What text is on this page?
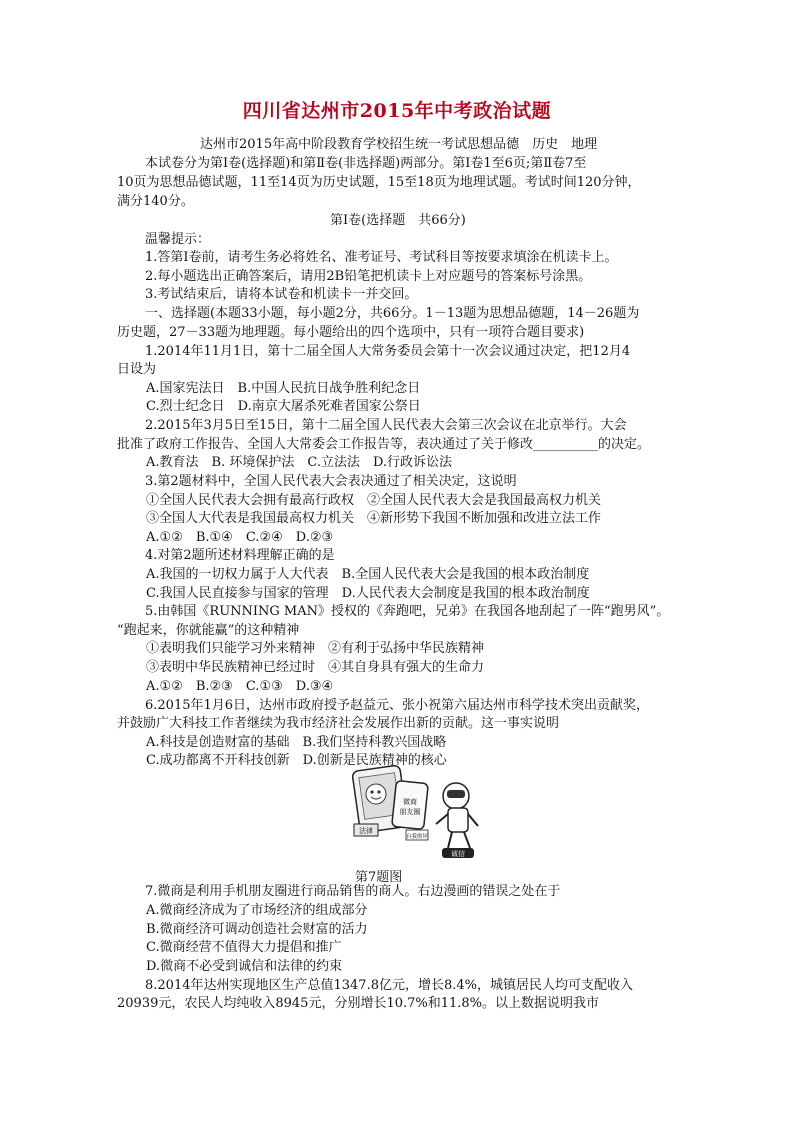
四川省达州市2015年中考政治试题
达州市2015年高中阶段教育学校招生统一考试思想品德　历史　地理
本试卷分为第Ⅰ卷(选择题)和第Ⅱ卷(非选择题)两部分。第Ⅰ卷1至6页;第Ⅱ卷7至
10页为思想品德试题，11至14页为历史试题，15至18页为地理试题。考试时间120分钟，
满分140分。
第Ⅰ卷(选择题　共66分)
温馨提示：
1.答第Ⅰ卷前，请考生务必将姓名、准考证号、考试科目等按要求填涂在机读卡上。
2.每小题选出正确答案后，请用2B铅笔把机读卡上对应题号的答案标号涂黑。
3.考试结束后，请将本试卷和机读卡一并交回。
一、选择题(本题33小题，每小题2分，共66分。1－13题为思想品德题，14－26题为
历史题，27－33题为地理题。每小题给出的四个选项中，只有一项符合题目要求)
1.2014年11月1日，第十二届全国人大常务委员会第十一次会议通过决定，把12月4
日设为
A.国家宪法日　B.中国人民抗日战争胜利纪念日
C.烈士纪念日　D.南京大屠杀死难者国家公祭日
2.2015年3月5日至15日，第十二届全国人民代表大会第三次会议在北京举行。大会
批准了政府工作报告、全国人大常委会工作报告等，表决通过了关于修改__________的决定。
A.教育法　B. 环境保护法　C.立法法　D.行政诉讼法
3.第2题材料中，全国人民代表大会表决通过了相关决定，这说明
①全国人民代表大会拥有最高行政权　②全国人民代表大会是我国最高权力机关
③全国人大代表是我国最高权力机关　④新形势下我国不断加强和改进立法工作
A.①②　B.①④　C.②④　D.②③
4.对第2题所述材料理解正确的是
A.我国的一切权力属于人大代表　B.全国人民代表大会是我国的根本政治制度
C.我国人民直接参与国家的管理　D.人民代表大会制度是我国的根本政治制度
5.由韩国《RUNNING MAN》授权的《奔跑吧，兄弟》在我国各地刮起了一阵“跑男风”。
“跑起来，你就能赢”的这种精神
①表明我们只能学习外来精神　②有利于弘扬中华民族精神
③表明中华民族精神已经过时　④其自身具有强大的生命力
A.①②　B.②③　C.①③　D.③④
6.2015年1月6日，达州市政府授予赵益元、张小祝第六届达州市科学技术突出贡献奖，
并鼓励广大科技工作者继续为我市经济社会发展作出新的贡献。这一事实说明
A.科技是创造财富的基础　B.我们坚持科教兴国战略
C.成功都离不开科技创新　D.创新是民族精神的核心
微商
朋友圈
法律
自我败坏
诚信
第7题图
7.微商是利用手机朋友圈进行商品销售的商人。右边漫画的错误之处在于
A.微商经济成为了市场经济的组成部分
B.微商经济可调动创造社会财富的活力
C.微商经营不值得大力提倡和推广
D.微商不必受到诚信和法律的约束
8.2014年达州实现地区生产总值1347.8亿元，增长8.4%，城镇居民人均可支配收入
20939元，农民人均纯收入8945元，分别增长10.7%和11.8%。以上数据说明我市
